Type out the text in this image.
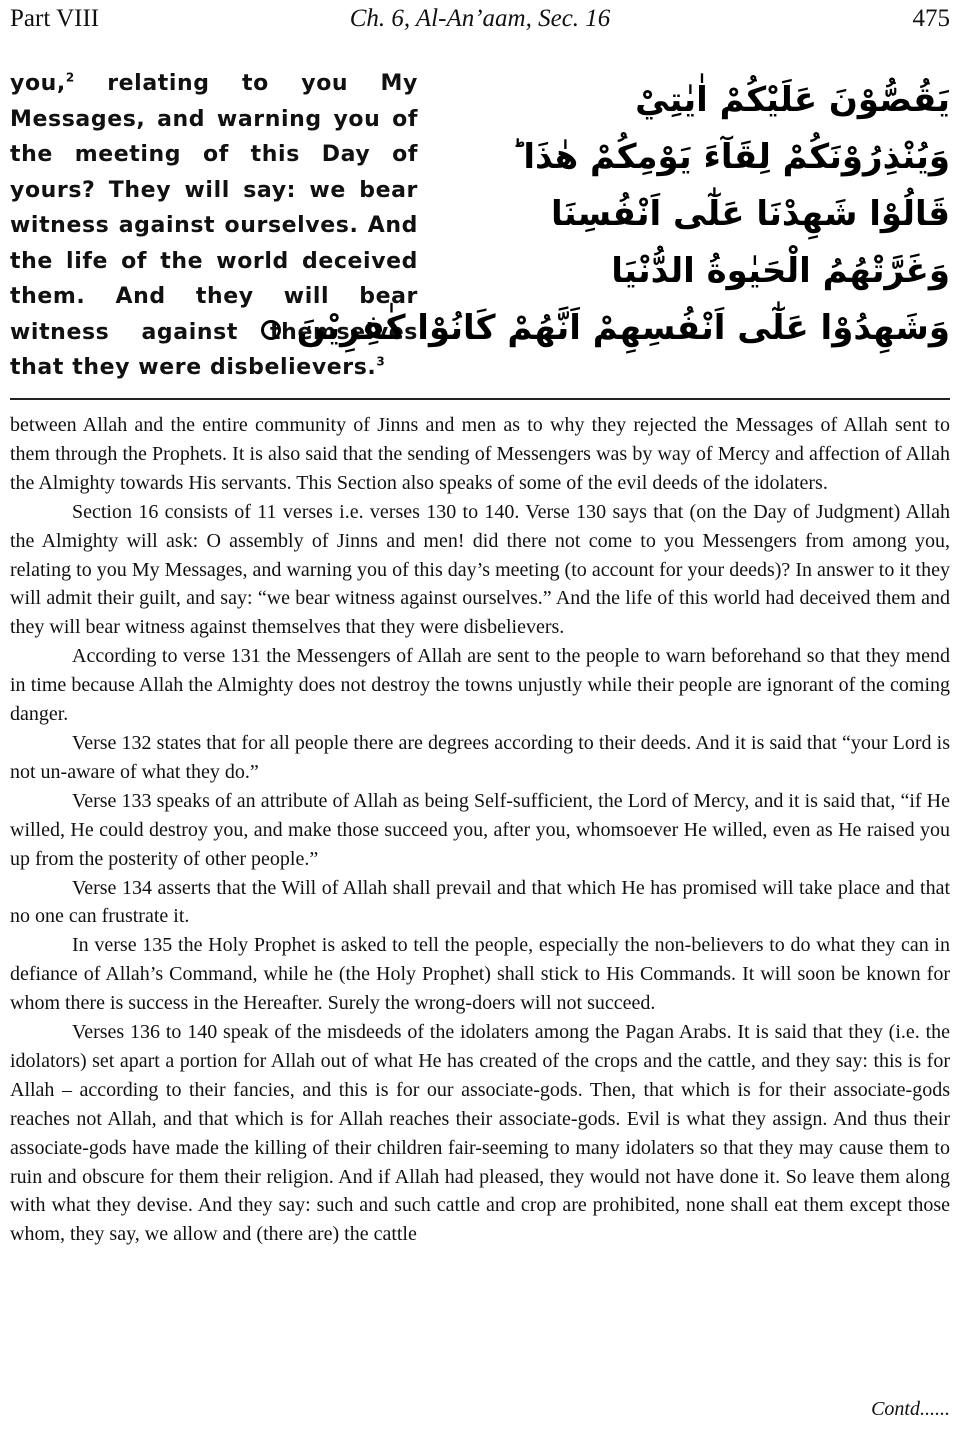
Part VIII	Ch. 6, Al-An’aam, Sec. 16	475
you,$^2$ relating to you My Messages, and warning you of the meeting of this Day of yours? They will say: we bear witness against ourselves. And the life of the world deceived them. And they will bear witness against themselves that they were disbelievers.$^3$
يَقُصُّوْنَ عَلَيْكُمْ اٰيٰتِيْ
وَيُنْذِرُوْنَكُمْ لِقَآءَ يَوْمِكُمْ هٰذَا ؕ
قَالُوْا شَهِدْنَا عَلٰٓى اَنْفُسِنَا
وَغَرَّتْهُمُ الْحَيٰوةُ الدُّنْيَا
وَشَهِدُوْا عَلٰٓى اَنْفُسِهِمْ اَنَّهُمْ كَانُوْا كٰفِرِيْنَ

between Allah and the entire community of Jinns and men as to why they rejected the Messages of Allah sent to them through the Prophets. It is also said that the sending of Messengers was by way of Mercy and affection of Allah the Almighty towards His servants. This Section also speaks of some of the evil deeds of the idolaters.

Section 16 consists of 11 verses i.e. verses 130 to 140. Verse 130 says that (on the Day of Judgment) Allah the Almighty will ask: O assembly of Jinns and men! did there not come to you Messengers from among you, relating to you My Messages, and warning you of this day’s meeting (to account for your deeds)? In answer to it they will admit their guilt, and say: “we bear witness against ourselves.” And the life of this world had deceived them and they will bear witness against themselves that they were disbelievers.

According to verse 131 the Messengers of Allah are sent to the people to warn beforehand so that they mend in time because Allah the Almighty does not destroy the towns unjustly while their people are ignorant of the coming danger.

Verse 132 states that for all people there are degrees according to their deeds. And it is said that “your Lord is not un-aware of what they do.”

Verse 133 speaks of an attribute of Allah as being Self-sufficient, the Lord of Mercy, and it is said that, “if He willed, He could destroy you, and make those succeed you, after you, whomsoever He willed, even as He raised you up from the posterity of other people.”

Verse 134 asserts that the Will of Allah shall prevail and that which He has promised will take place and that no one can frustrate it.

In verse 135 the Holy Prophet is asked to tell the people, especially the non-believers to do what they can in defiance of Allah’s Command, while he (the Holy Prophet) shall stick to His Commands. It will soon be known for whom there is success in the Hereafter. Surely the wrong-doers will not succeed.

Verses 136 to 140 speak of the misdeeds of the idolaters among the Pagan Arabs. It is said that they (i.e. the idolators) set apart a portion for Allah out of what He has created of the crops and the cattle, and they say: this is for Allah – according to their fancies, and this is for our associate-gods. Then, that which is for their associate-gods reaches not Allah, and that which is for Allah reaches their associate-gods. Evil is what they assign. And thus their associate-gods have made the killing of their children fair-seeming to many idolaters so that they may cause them to ruin and obscure for them their religion. And if Allah had pleased, they would not have done it. So leave them along with what they devise. And they say: such and such cattle and crop are prohibited, none shall eat them except those whom, they say, we allow and (there are) the cattle

Contd......
